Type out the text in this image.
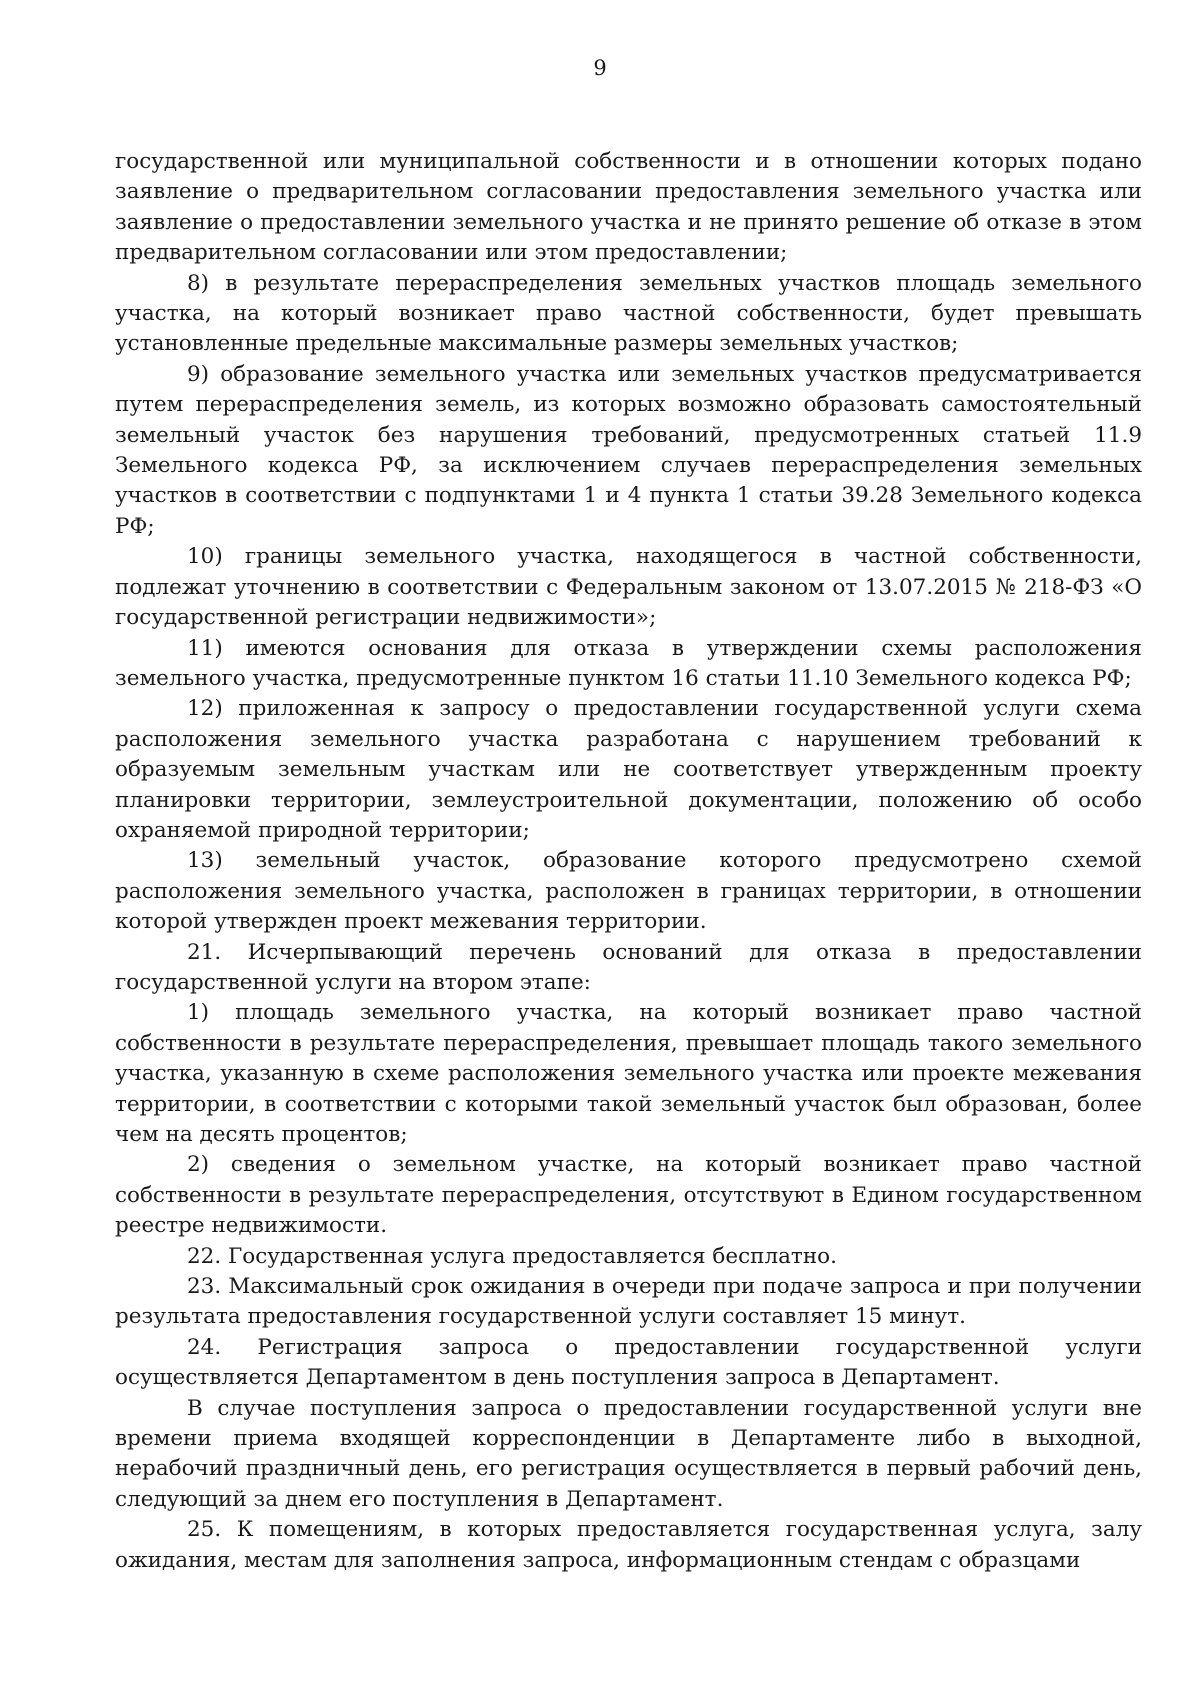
9

государственной или муниципальной собственности и в отношении которых подано заявление о предварительном согласовании предоставления земельного участка или заявление о предоставлении земельного участка и не принято решение об отказе в этом предварительном согласовании или этом предоставлении;

8) в результате перераспределения земельных участков площадь земельного участка, на который возникает право частной собственности, будет превышать установленные предельные максимальные размеры земельных участков;

9) образование земельного участка или земельных участков предусматривается путем перераспределения земель, из которых возможно образовать самостоятельный земельный участок без нарушения требований, предусмотренных статьей 11.9 Земельного кодекса РФ, за исключением случаев перераспределения земельных участков в соответствии с подпунктами 1 и 4 пункта 1 статьи 39.28 Земельного кодекса РФ;

10) границы земельного участка, находящегося в частной собственности, подлежат уточнению в соответствии с Федеральным законом от 13.07.2015 № 218-ФЗ «О государственной регистрации недвижимости»;

11) имеются основания для отказа в утверждении схемы расположения земельного участка, предусмотренные пунктом 16 статьи 11.10 Земельного кодекса РФ;

12) приложенная к запросу о предоставлении государственной услуги схема расположения земельного участка разработана с нарушением требований к образуемым земельным участкам или не соответствует утвержденным проекту планировки территории, землеустроительной документации, положению об особо охраняемой природной территории;

13) земельный участок, образование которого предусмотрено схемой расположения земельного участка, расположен в границах территории, в отношении которой утвержден проект межевания территории.

21. Исчерпывающий перечень оснований для отказа в предоставлении государственной услуги на втором этапе:

1) площадь земельного участка, на который возникает право частной собственности в результате перераспределения, превышает площадь такого земельного участка, указанную в схеме расположения земельного участка или проекте межевания территории, в соответствии с которыми такой земельный участок был образован, более чем на десять процентов;

2) сведения о земельном участке, на который возникает право частной собственности в результате перераспределения, отсутствуют в Едином государственном реестре недвижимости.

22. Государственная услуга предоставляется бесплатно.

23. Максимальный срок ожидания в очереди при подаче запроса и при получении результата предоставления государственной услуги составляет 15 минут.

24. Регистрация запроса о предоставлении государственной услуги осуществляется Департаментом в день поступления запроса в Департамент.

В случае поступления запроса о предоставлении государственной услуги вне времени приема входящей корреспонденции в Департаменте либо в выходной, нерабочий праздничный день, его регистрация осуществляется в первый рабочий день, следующий за днем его поступления в Департамент.

25. К помещениям, в которых предоставляется государственная услуга, залу ожидания, местам для заполнения запроса, информационным стендам с образцами
